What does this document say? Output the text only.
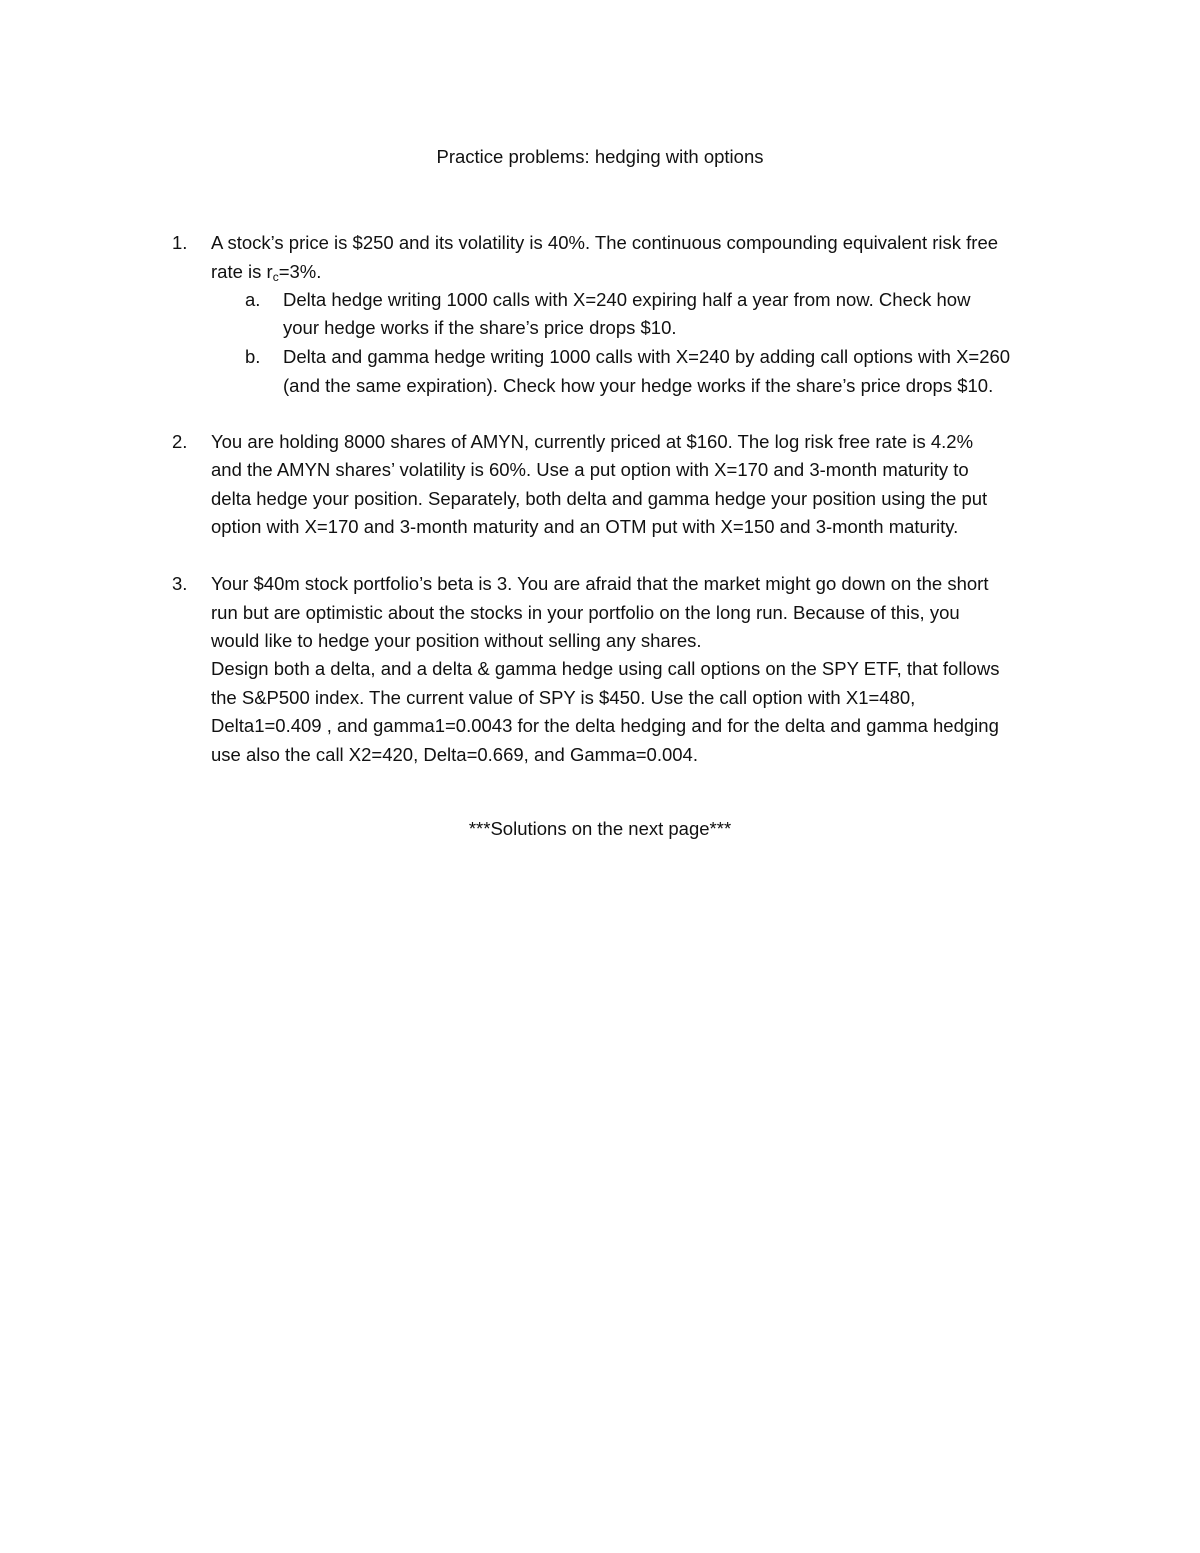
Practice problems: hedging with options
1. A stock’s price is $250 and its volatility is 40%. The continuous compounding equivalent risk free
rate is $r_c=3\%$.
a. Delta hedge writing 1000 calls with X=240 expiring half a year from now. Check how
your hedge works if the share’s price drops $10.
b. Delta and gamma hedge writing 1000 calls with X=240 by adding call options with X=260
(and the same expiration). Check how your hedge works if the share’s price drops $10.
2. You are holding 8000 shares of AMYN, currently priced at $160. The log risk free rate is 4.2%
and the AMYN shares’ volatility is 60%. Use a put option with X=170 and 3-month maturity to
delta hedge your position. Separately, both delta and gamma hedge your position using the put
option with X=170 and 3-month maturity and an OTM put with X=150 and 3-month maturity.
3. Your $40m stock portfolio’s beta is 3. You are afraid that the market might go down on the short
run but are optimistic about the stocks in your portfolio on the long run. Because of this, you
would like to hedge your position without selling any shares.
Design both a delta, and a delta & gamma hedge using call options on the SPY ETF, that follows
the S&P500 index. The current value of SPY is $450. Use the call option with X1=480,
Delta1=0.409 , and gamma1=0.0043 for the delta hedging and for the delta and gamma hedging
use also the call X2=420, Delta=0.669, and Gamma=0.004.
***Solutions on the next page***
